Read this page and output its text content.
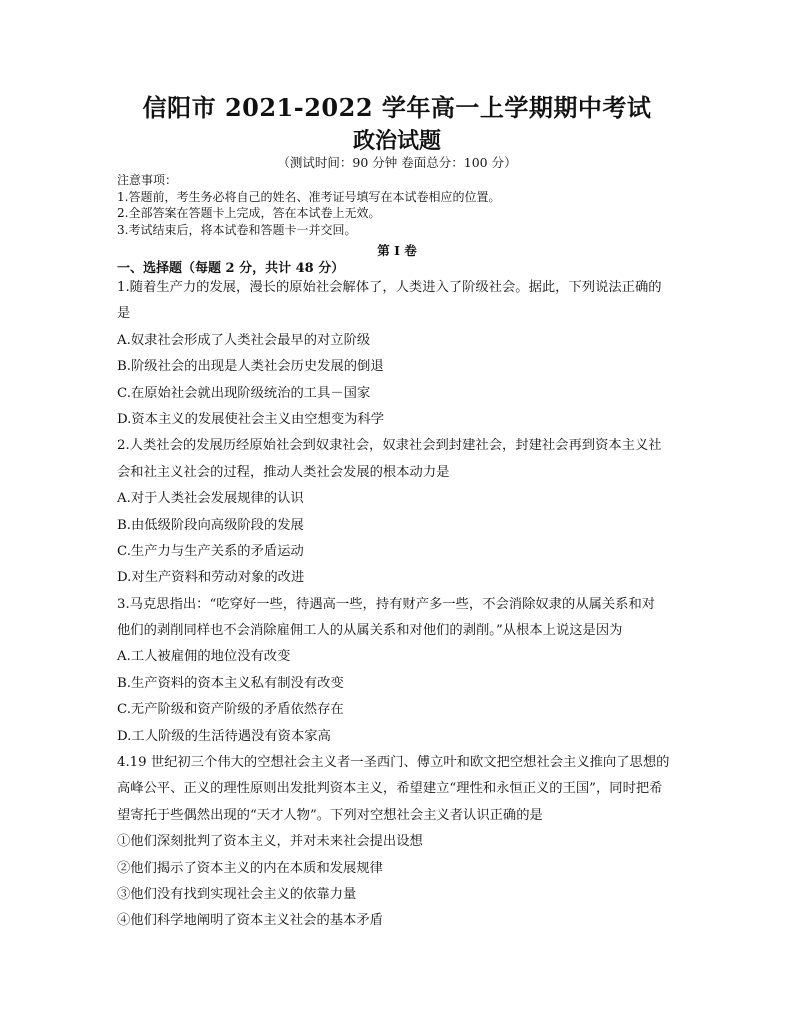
信阳市 2021-2022 学年高一上学期期中考试
政治试题
（测试时间：90 分钟 卷面总分：100 分）
注意事项：
1.答题前，考生务必将自己的姓名、准考证号填写在本试卷相应的位置。
2.全部答案在答题卡上完成，答在本试卷上无效。
3.考试结束后，将本试卷和答题卡一并交回。
第 I 卷
一、选择题（每题 2 分，共计 48 分）
1.随着生产力的发展，漫长的原始社会解体了，人类进入了阶级社会。据此，下列说法正确的
是
A.奴隶社会形成了人类社会最早的对立阶级
B.阶级社会的出现是人类社会历史发展的倒退
C.在原始社会就出现阶级统治的工具－国家
D.资本主义的发展使社会主义由空想变为科学
2.人类社会的发展历经原始社会到奴隶社会，奴隶社会到封建社会，封建社会再到资本主义社
会和社主义社会的过程，推动人类社会发展的根本动力是
A.对于人类社会发展规律的认识
B.由低级阶段向高级阶段的发展
C.生产力与生产关系的矛盾运动
D.对生产资料和劳动对象的改进
3.马克思指出：“吃穿好一些，待遇高一些，持有财产多一些，不会消除奴隶的从属关系和对
他们的剥削同样也不会消除雇佣工人的从属关系和对他们的剥削。”从根本上说这是因为
A.工人被雇佣的地位没有改变
B.生产资料的资本主义私有制没有改变
C.无产阶级和资产阶级的矛盾依然存在
D.工人阶级的生活待遇没有资本家高
4.19 世纪初三个伟大的空想社会主义者一圣西门、傅立叶和欧文把空想社会主义推向了思想的
高峰公平、正义的理性原则出发批判资本主义，希望建立“理性和永恒正义的王国”，同时把希
望寄托于些偶然出现的“天才人物”。下列对空想社会主义者认识正确的是
①他们深刻批判了资本主义，并对未来社会提出设想
②他们揭示了资本主义的内在本质和发展规律
③他们没有找到实现社会主义的依靠力量
④他们科学地阐明了资本主义社会的基本矛盾
